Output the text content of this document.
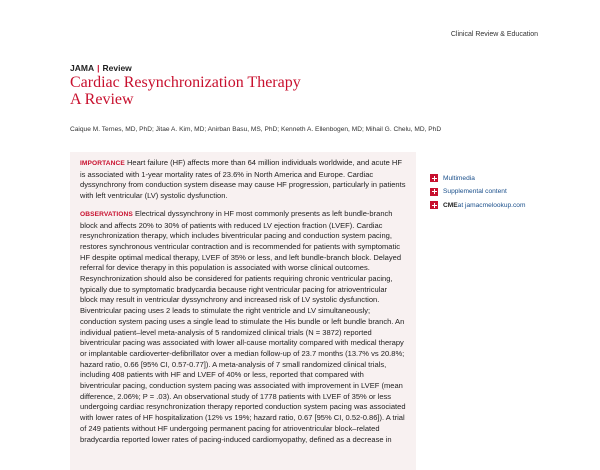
Clinical Review & Education
JAMA | Review
Cardiac Resynchronization Therapy
A Review
Caique M. Ternes, MD, PhD; Jitae A. Kim, MD; Anirban Basu, MS, PhD; Kenneth A. Ellenbogen, MD; Mihail G. Chelu, MD, PhD

IMPORTANCE Heart failure (HF) affects more than 64 million individuals worldwide, and acute HF is associated with 1-year mortality rates of 23.6% in North America and Europe. Cardiac dyssynchrony from conduction system disease may cause HF progression, particularly in patients with left ventricular (LV) systolic dysfunction.

OBSERVATIONS Electrical dyssynchrony in HF most commonly presents as left bundle-branch block and affects 20% to 30% of patients with reduced LV ejection fraction (LVEF). Cardiac resynchronization therapy, which includes biventricular pacing and conduction system pacing, restores synchronous ventricular contraction and is recommended for patients with symptomatic HF despite optimal medical therapy, LVEF of 35% or less, and left bundle-branch block. Delayed referral for device therapy in this population is associated with worse clinical outcomes. Resynchronization should also be considered for patients requiring chronic ventricular pacing, typically due to symptomatic bradycardia because right ventricular pacing for atrioventricular block may result in ventricular dyssynchrony and increased risk of LV systolic dysfunction. Biventricular pacing uses 2 leads to stimulate the right ventricle and LV simultaneously; conduction system pacing uses a single lead to stimulate the His bundle or left bundle branch. An individual patient–level meta-analysis of 5 randomized clinical trials (N = 3872) reported biventricular pacing was associated with lower all-cause mortality compared with medical therapy or implantable cardioverter-defibrillator over a median follow-up of 23.7 months (13.7% vs 20.8%; hazard ratio, 0.66 [95% CI, 0.57-0.77]). A meta-analysis of 7 small randomized clinical trials, including 408 patients with HF and LVEF of 40% or less, reported that compared with biventricular pacing, conduction system pacing was associated with improvement in LVEF (mean difference, 2.06%; P = .03). An observational study of 1778 patients with LVEF of 35% or less undergoing cardiac resynchronization therapy reported conduction system pacing was associated with lower rates of HF hospitalization (12% vs 19%; hazard ratio, 0.67 [95% CI, 0.52-0.86]). A trial of 249 patients without HF undergoing permanent pacing for atrioventricular block–related bradycardia reported lower rates of pacing-induced cardiomyopathy, defined as a decrease in

Multimedia
Supplemental content
CME at jamacmelookup.com
